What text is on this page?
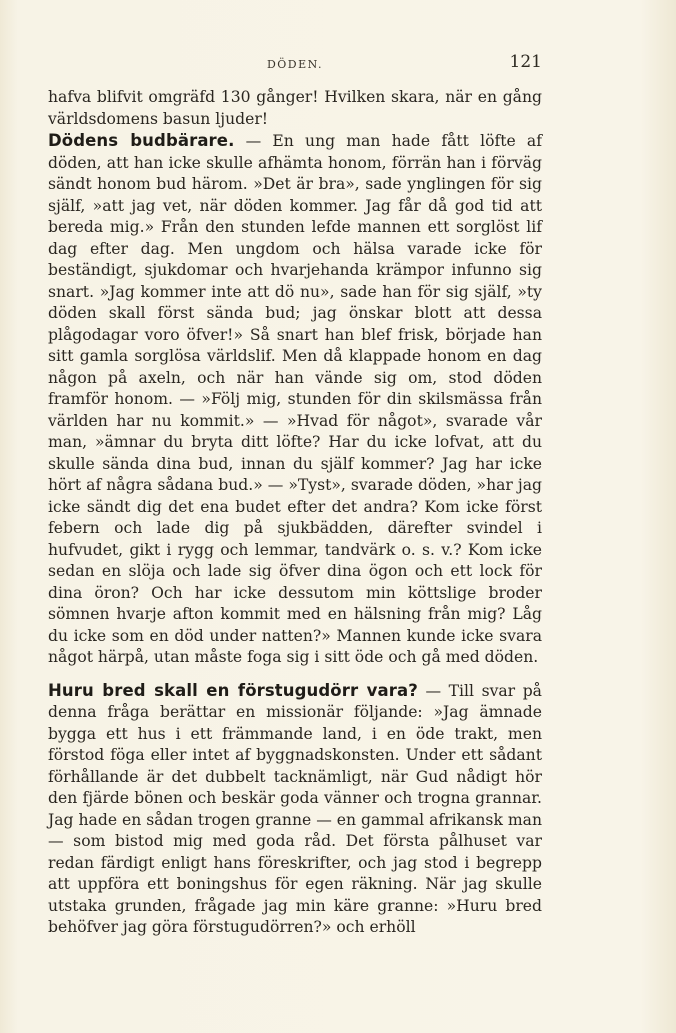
DÖDEN.	121

hafva blifvit omgräfd 130 gånger! Hvilken skara, när en gång världsdomens basun ljuder!

Dödens budbärare. — En ung man hade fått löfte af döden, att han icke skulle afhämta honom, förrän han i förväg sändt honom bud härom. »Det är bra», sade ynglingen för sig själf, »att jag vet, när döden kommer. Jag får då god tid att bereda mig.» Från den stunden lefde mannen ett sorglöst lif dag efter dag. Men ungdom och hälsa varade icke för beständigt, sjukdomar och hvarjehanda krämpor infunno sig snart. »Jag kommer inte att dö nu», sade han för sig själf, »ty döden skall först sända bud; jag önskar blott att dessa plågodagar voro öfver!» Så snart han blef frisk, började han sitt gamla sorglösa världslif. Men då klappade honom en dag någon på axeln, och när han vände sig om, stod döden framför honom. — »Följ mig, stunden för din skilsmässa från världen har nu kommit.» — »Hvad för något», svarade vår man, »ämnar du bryta ditt löfte? Har du icke lofvat, att du skulle sända dina bud, innan du själf kommer? Jag har icke hört af några sådana bud.» — »Tyst», svarade döden, »har jag icke sändt dig det ena budet efter det andra? Kom icke först febern och lade dig på sjukbädden, därefter svindel i hufvudet, gikt i rygg och lemmar, tandvärk o. s. v.? Kom icke sedan en slöja och lade sig öfver dina ögon och ett lock för dina öron? Och har icke dessutom min köttslige broder sömnen hvarje afton kommit med en hälsning från mig? Låg du icke som en död under natten?» Mannen kunde icke svara något härpå, utan måste foga sig i sitt öde och gå med döden.

Huru bred skall en förstugudörr vara? — Till svar på denna fråga berättar en missionär följande: »Jag ämnade bygga ett hus i ett främmande land, i en öde trakt, men förstod föga eller intet af byggnadskonsten. Under ett sådant förhållande är det dubbelt tacknämligt, när Gud nådigt hör den fjärde bönen och beskär goda vänner och trogna grannar. Jag hade en sådan trogen granne — en gammal afrikansk man — som bistod mig med goda råd. Det första pålhuset var redan färdigt enligt hans föreskrifter, och jag stod i begrepp att uppföra ett boningshus för egen räkning. När jag skulle utstaka grunden, frågade jag min käre granne: »Huru bred behöfver jag göra förstugudörren?» och erhöll
